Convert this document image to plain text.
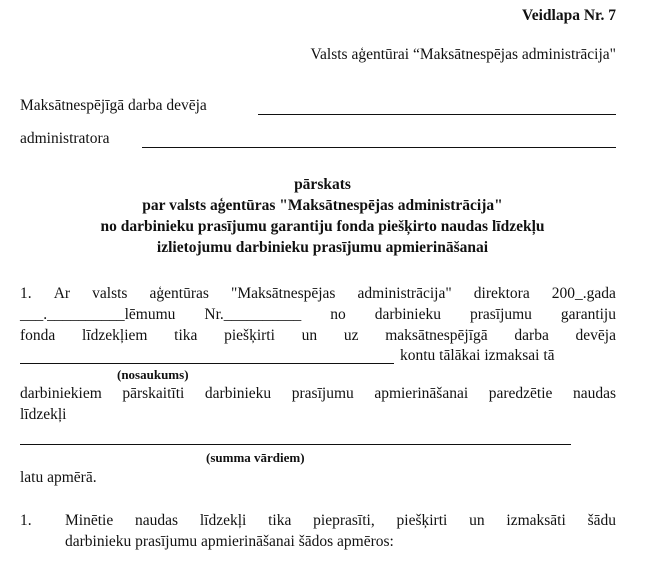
Veidlapa Nr. 7
Valsts aģentūrai “Maksātnespējas administrācija"
Maksātnespējīgā darba devēja
administratora
pārskats
par valsts aģentūras "Maksātnespējas administrācija"
no darbinieku prasījumu garantiju fonda piešķirto naudas līdzekļu
izlietojumu darbinieku prasījumu apmierināšanai
1. Ar valsts aģentūras "Maksātnespējas administrācija" direktora 200_.gada
___.__________lēmumu Nr.__________ no darbinieku prasījumu garantiju
fonda līdzekļiem tika piešķirti un uz maksātnespējīgā darba devēja
kontu tālākai izmaksai tā
(nosaukums)
darbiniekiem pārskaitīti darbinieku prasījumu apmierināšanai paredzētie naudas
līdzekļi
(summa vārdiem)
latu apmērā.
1. Minētie naudas līdzekļi tika pieprasīti, piešķirti un izmaksāti šādu
darbinieku prasījumu apmierināšanai šādos apmēros:
